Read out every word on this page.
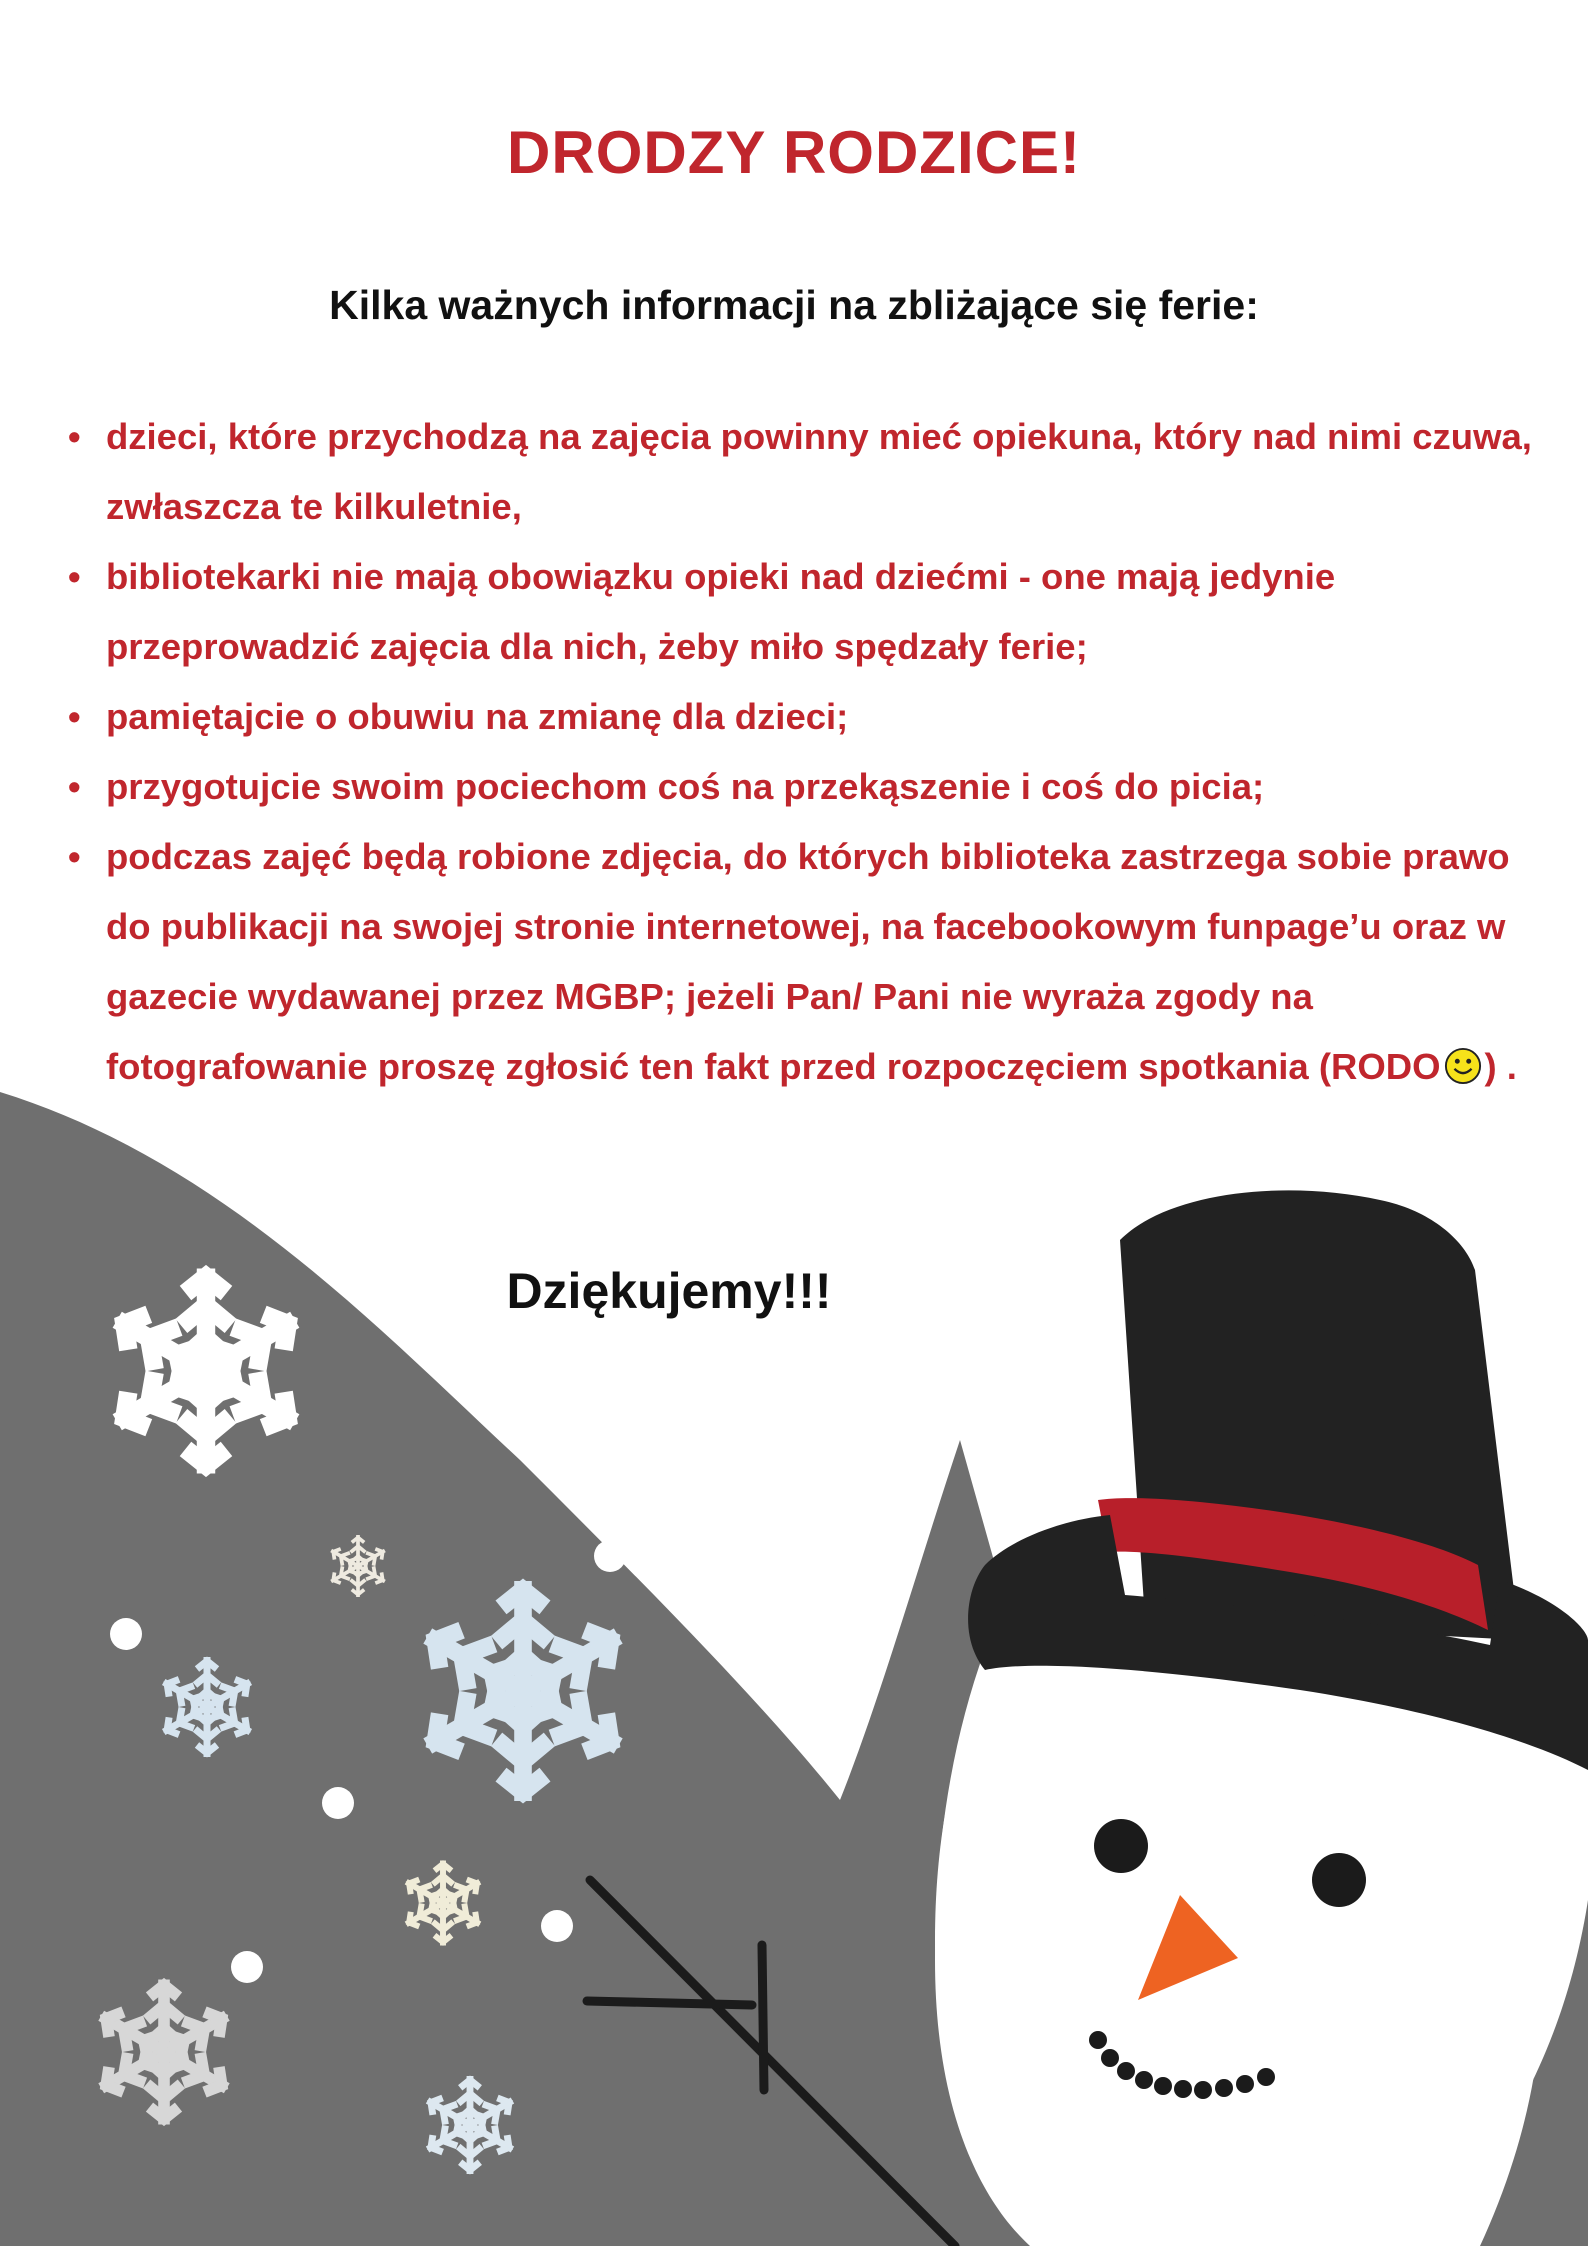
DRODZY RODZICE!
Kilka ważnych informacji na zbliżające się ferie:
• dzieci, które przychodzą na zajęcia powinny mieć opiekuna, który nad nimi czuwa, zwłaszcza te kilkuletnie,
• bibliotekarki nie mają obowiązku opieki nad dziećmi - one mają jedynie przeprowadzić zajęcia dla nich, żeby miło spędzały ferie;
• pamiętajcie o obuwiu na zmianę dla dzieci;
• przygotujcie swoim pociechom coś na przekąszenie i coś do picia;
• podczas zajęć będą robione zdjęcia, do których biblioteka zastrzega sobie prawo do publikacji na swojej stronie internetowej, na facebookowym funpage’u oraz w gazecie wydawanej przez MGBP; jeżeli Pan/ Pani nie wyraża zgody na fotografowanie proszę zgłosić ten fakt przed rozpoczęciem spotkania (RODO ) .
Dziękujemy!!!
